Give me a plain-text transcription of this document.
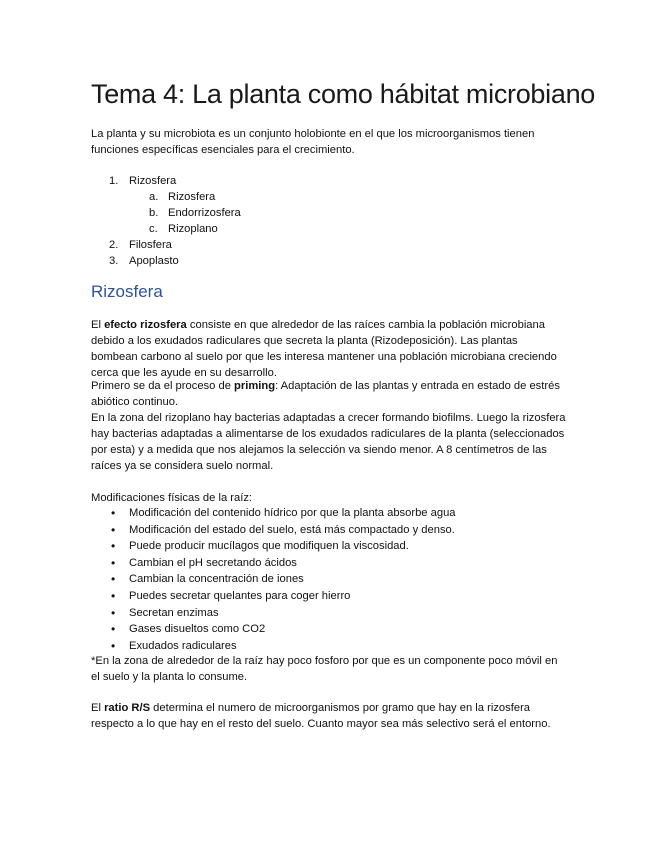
Tema 4: La planta como hábitat microbiano

La planta y su microbiota es un conjunto holobionte en el que los microorganismos tienen funciones específicas esenciales para el crecimiento.

1. Rizosfera
a. Rizosfera
b. Endorrizosfera
c. Rizoplano
2. Filosfera
3. Apoplasto
Rizosfera

El efecto rizosfera consiste en que alrededor de las raíces cambia la población microbiana debido a los exudados radiculares que secreta la planta (Rizodeposición). Las plantas bombean carbono al suelo por que les interesa mantener una población microbiana creciendo cerca que les ayude en su desarrollo.

Primero se da el proceso de priming: Adaptación de las plantas y entrada en estado de estrés abiótico continuo.

En la zona del rizoplano hay bacterias adaptadas a crecer formando biofilms. Luego la rizosfera hay bacterias adaptadas a alimentarse de los exudados radiculares de la planta (seleccionados por esta) y a medida que nos alejamos la selección va siendo menor. A 8 centímetros de las raíces ya se considera suelo normal.

Modificaciones físicas de la raíz:

• Modificación del contenido hídrico por que la planta absorbe agua
• Modificación del estado del suelo, está más compactado y denso.
• Puede producir mucílagos que modifiquen la viscosidad.
• Cambian el pH secretando ácidos
• Cambian la concentración de iones
• Puedes secretar quelantes para coger hierro
• Secretan enzimas
• Gases disueltos como CO2
• Exudados radiculares

*En la zona de alrededor de la raíz hay poco fosforo por que es un componente poco móvil en el suelo y la planta lo consume.

El ratio R/S determina el numero de microorganismos por gramo que hay en la rizosfera respecto a lo que hay en el resto del suelo. Cuanto mayor sea más selectivo será el entorno.
